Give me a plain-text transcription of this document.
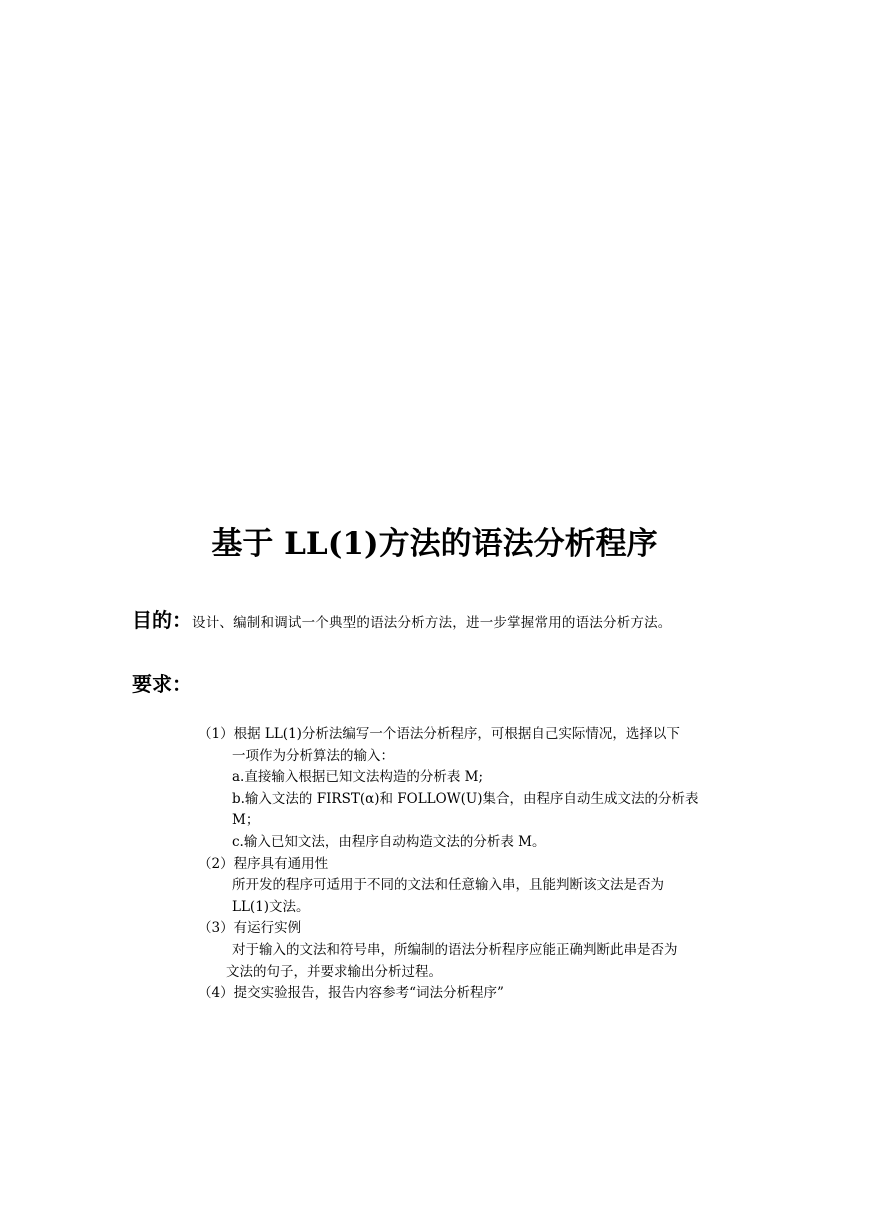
基于 LL(1)方法的语法分析程序
目的：设计、编制和调试一个典型的语法分析方法，进一步掌握常用的语法分析方法。
要求：
（1）根据 LL(1)分析法编写一个语法分析程序，可根据自己实际情况，选择以下
一项作为分析算法的输入：
a.直接输入根据已知文法构造的分析表 M;
b.输入文法的 FIRST(α)和 FOLLOW(U)集合，由程序自动生成文法的分析表
M；
c.输入已知文法，由程序自动构造文法的分析表 M。
（2）程序具有通用性
所开发的程序可适用于不同的文法和任意输入串，且能判断该文法是否为
LL(1)文法。
（3）有运行实例
对于输入的文法和符号串，所编制的语法分析程序应能正确判断此串是否为
文法的句子，并要求输出分析过程。
（4）提交实验报告，报告内容参考“词法分析程序”
